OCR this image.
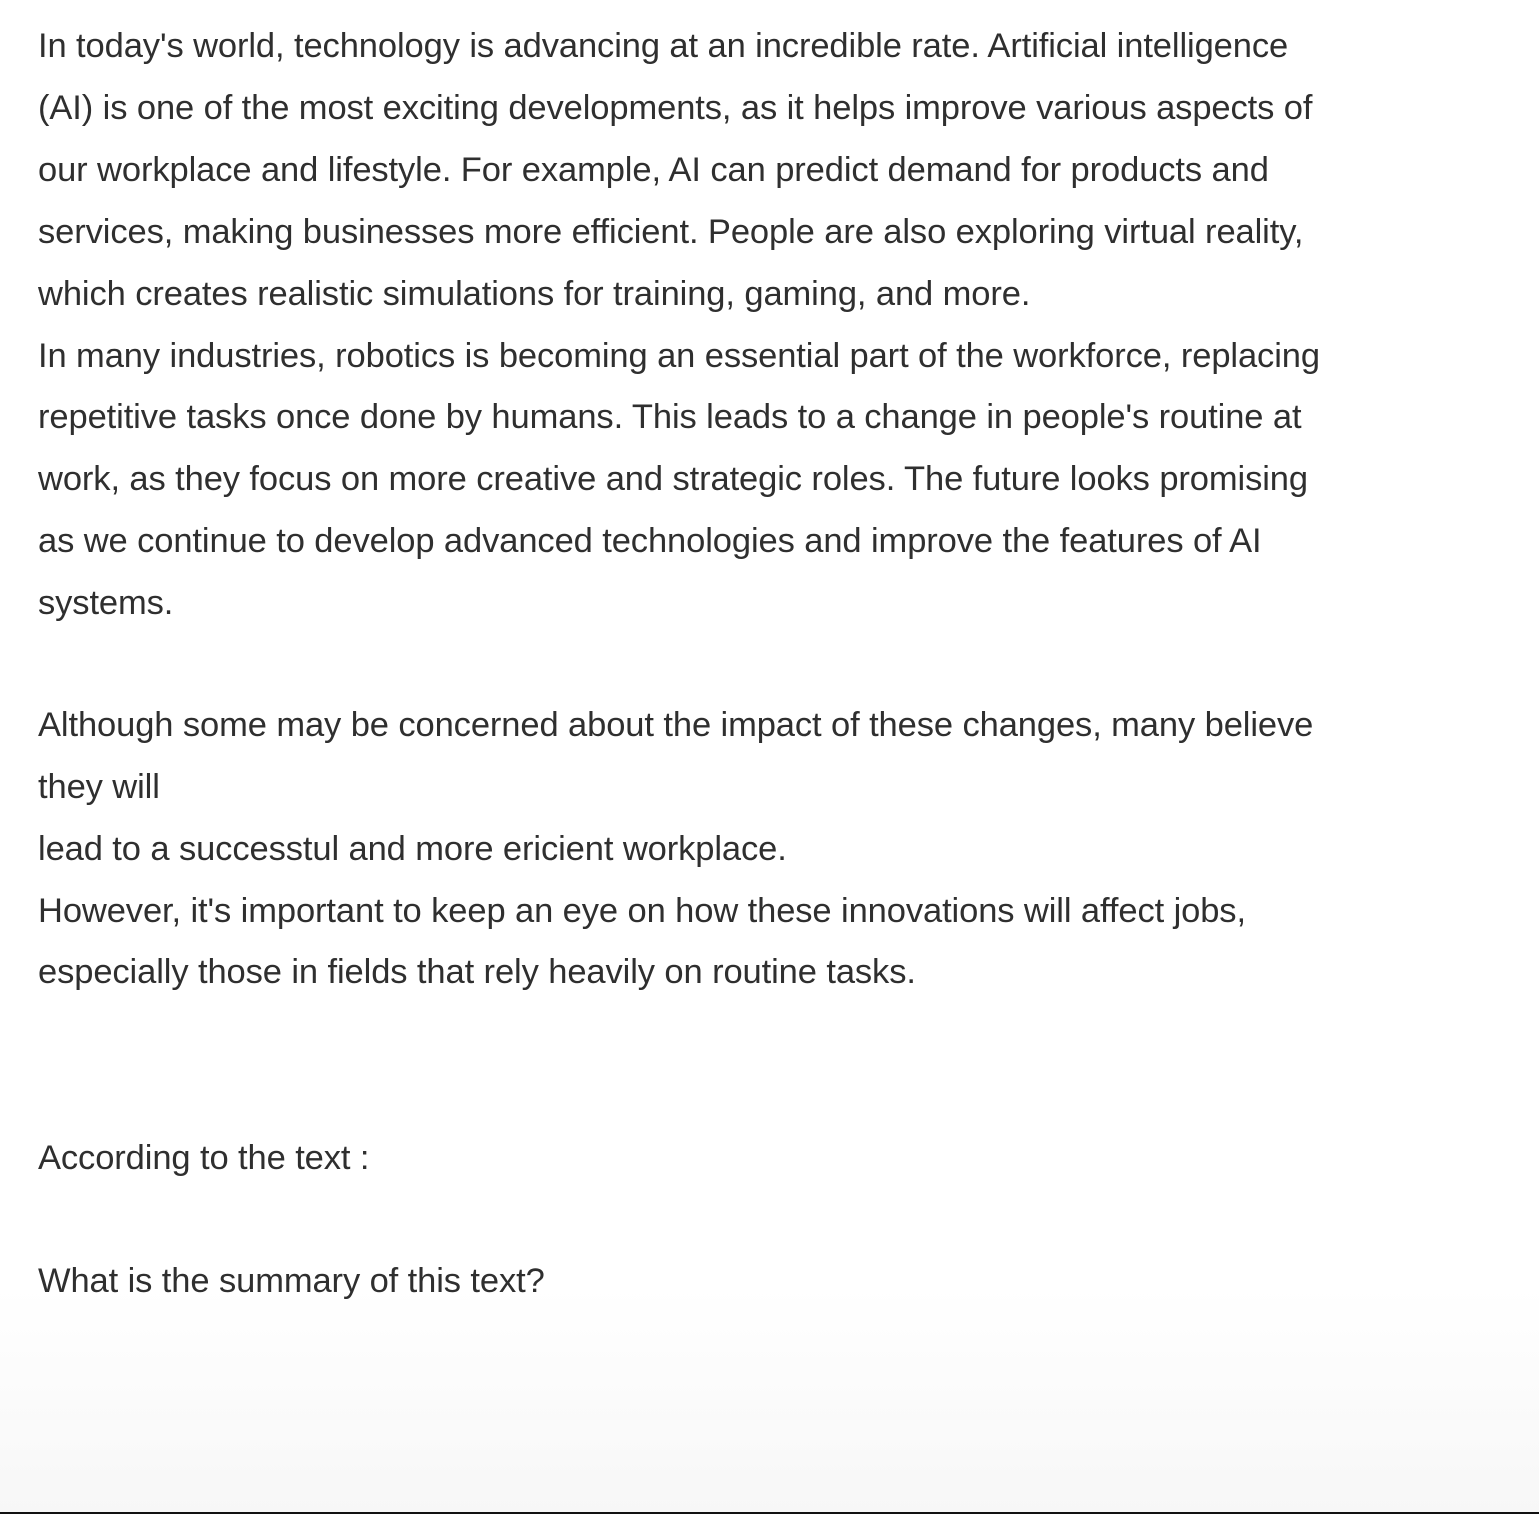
In today's world, technology is advancing at an incredible rate. Artificial intelligence
(AI) is one of the most exciting developments, as it helps improve various aspects of
our workplace and lifestyle. For example, AI can predict demand for products and
services, making businesses more efficient. People are also exploring virtual reality,
which creates realistic simulations for training, gaming, and more.
In many industries, robotics is becoming an essential part of the workforce, replacing
repetitive tasks once done by humans. This leads to a change in people's routine at
work, as they focus on more creative and strategic roles. The future looks promising
as we continue to develop advanced technologies and improve the features of AI
systems.
Although some may be concerned about the impact of these changes, many believe
they will
lead to a successtul and more ericient workplace.
However, it's important to keep an eye on how these innovations will affect jobs,
especially those in fields that rely heavily on routine tasks.
According to the text :
What is the summary of this text?
